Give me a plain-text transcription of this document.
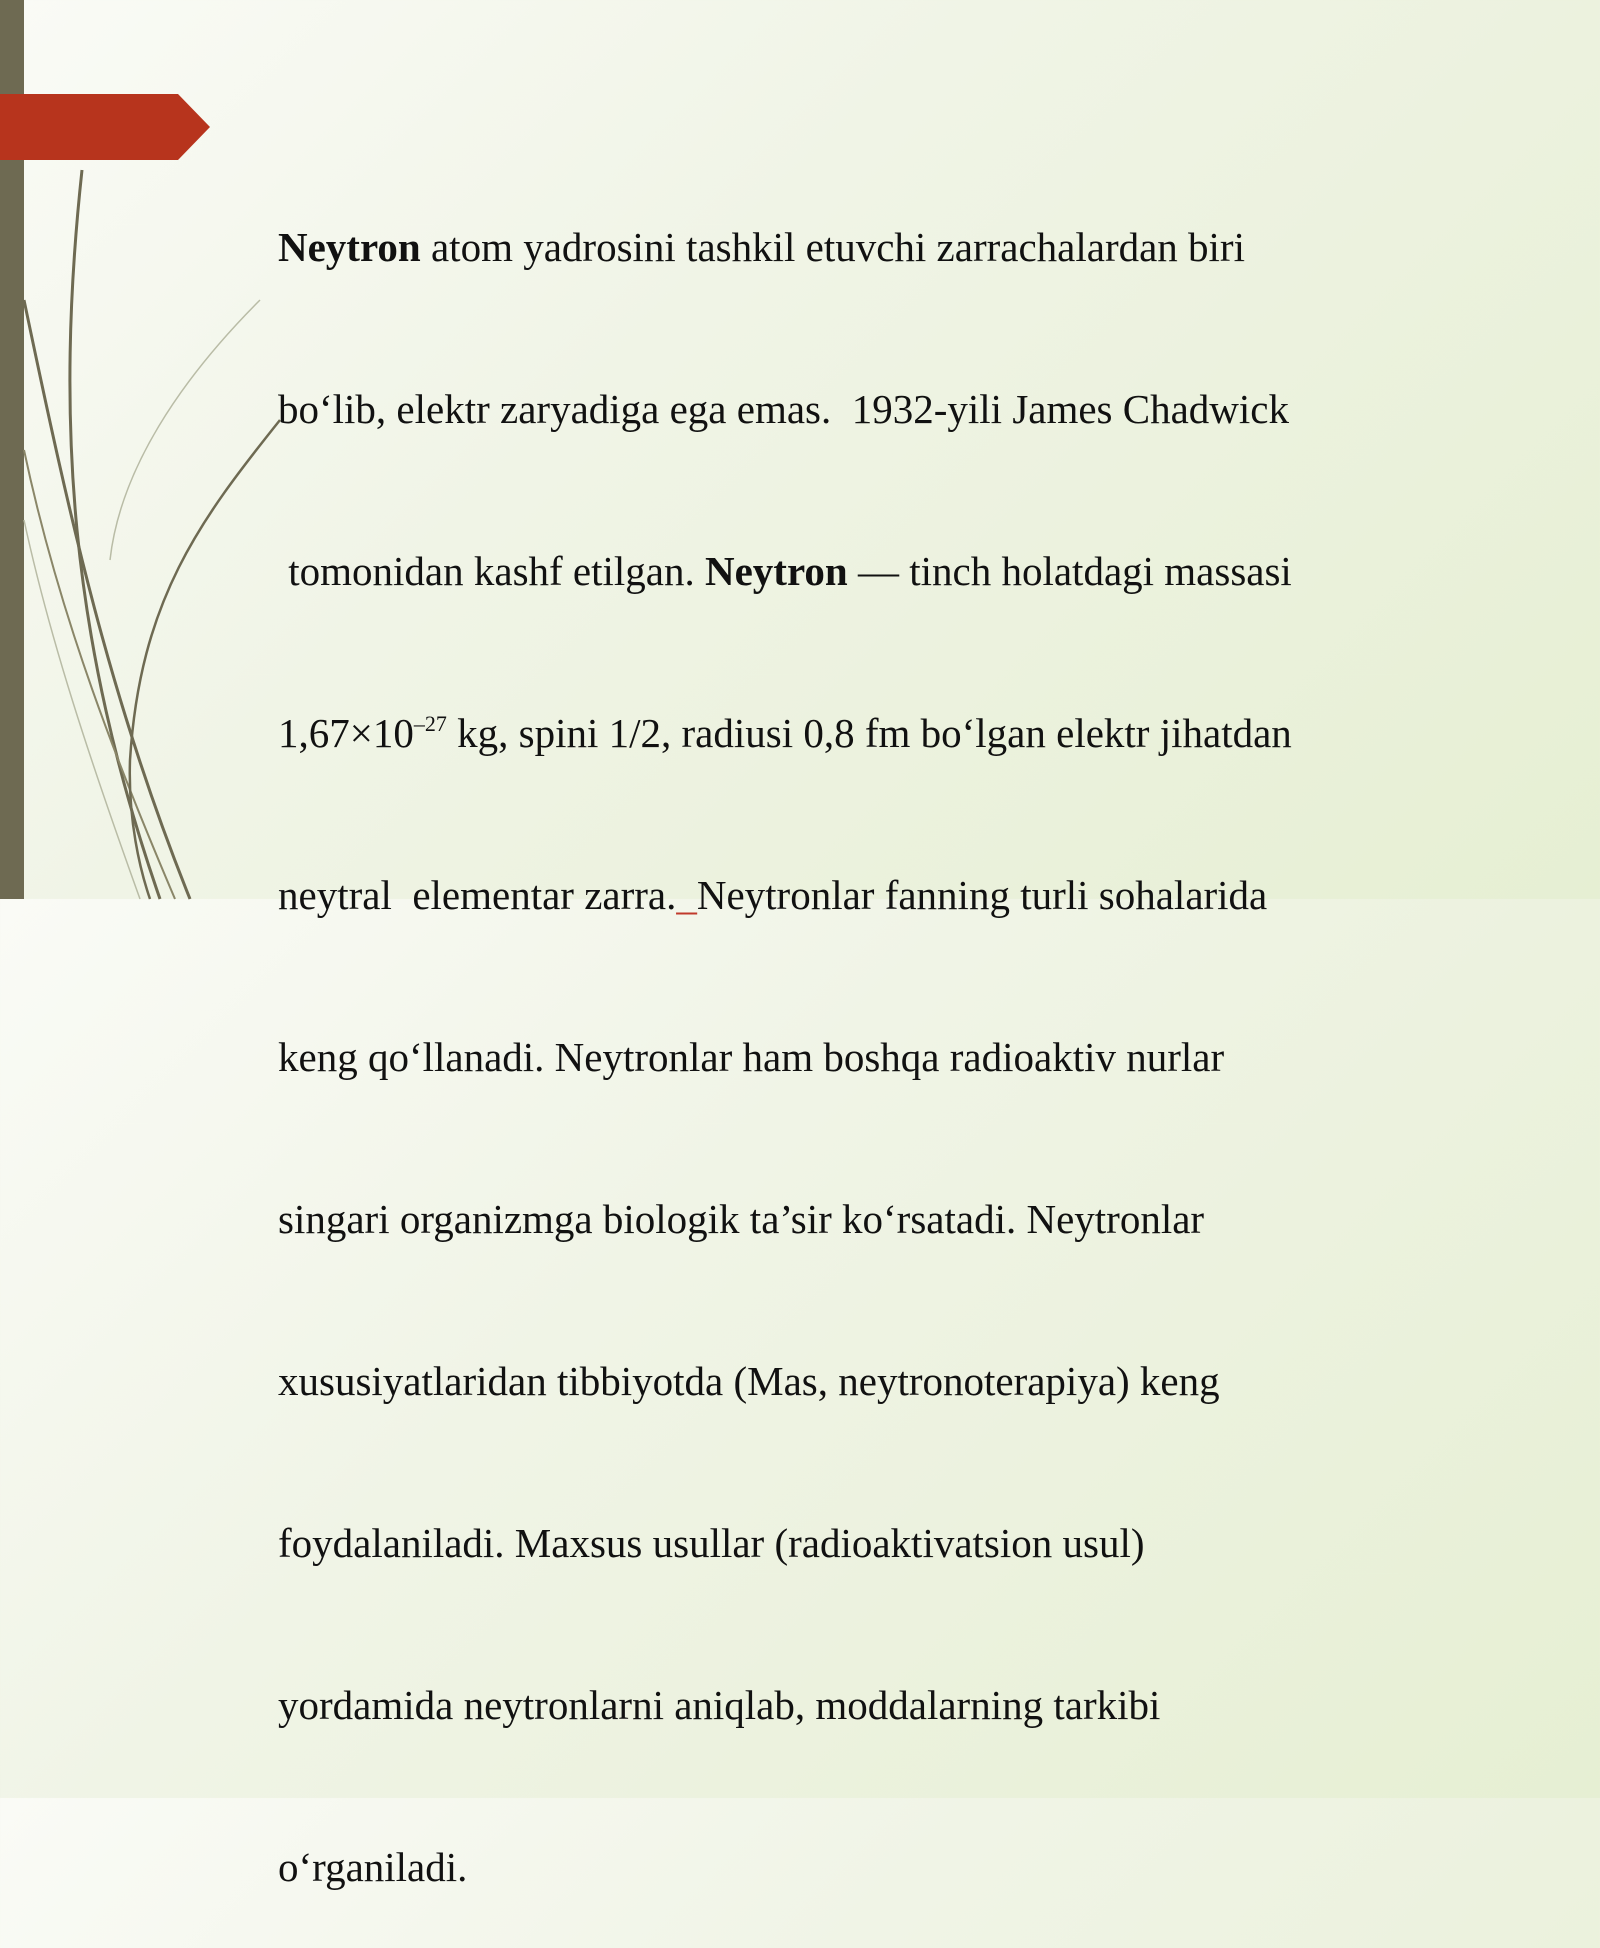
Neytron atom yadrosini tashkil etuvchi zarrachalardan biri

bo‘lib, elektr zaryadiga ega emas.  1932-yili James Chadwick

tomonidan kashf etilgan. Neytron — tinch holatdagi massasi

$1,67\times 10^{-27}$ kg, spini 1/2, radiusi 0,8 fm bo‘lgan elektr jihatdan

neytral  elementar zarra._Neytronlar fanning turli sohalarida

keng qo‘llanadi. Neytronlar ham boshqa radioaktiv nurlar

singari organizmga biologik ta’sir ko‘rsatadi. Neytronlar

xususiyatlaridan tibbiyotda (Mas, neytronoterapiya) keng

foydalaniladi. Maxsus usullar (radioaktivatsion usul)

yordamida neytronlarni aniqlab, moddalarning tarkibi

o‘rganiladi.
